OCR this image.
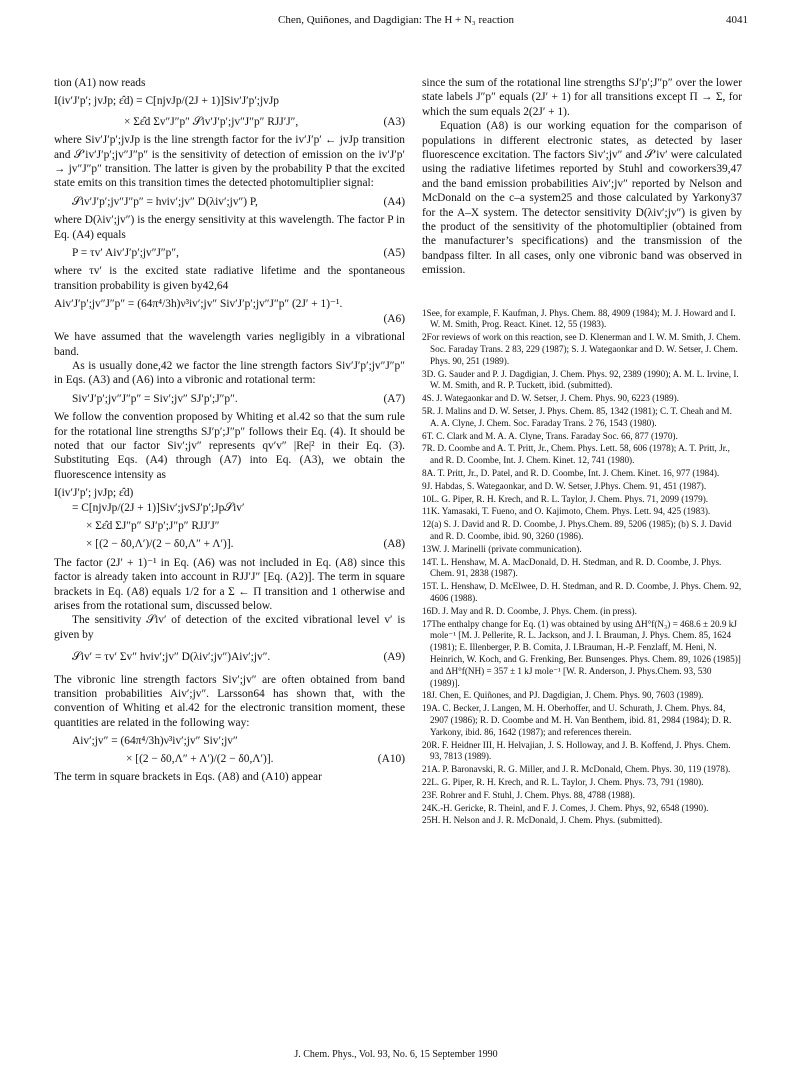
Chen, Quiñones, and Dagdigian: The H + N₃ reaction	4041

tion (A1) now reads

I(iv′J′p′; jvJp; ε̂d) = C[njvJp/(2J + 1)]Siv′J′p′;jvJp
× Σε̂d Σv″J″p″ 𝒮iv′J′p′;jv″J″p″ RJJ′J″,	(A3)

where Siv′J′p′;jvJp is the line strength factor for the iv′J′p′ ← jvJp transition and 𝒮′iv′J′p′;jv″J″p″ is the sensitivity of detection of emission on the iv′J′p′ → jv″J″p″ transition. The latter is given by the probability P that the excited state emits on this transition times the detected photomultiplier signal:

𝒮iv′J′p′;jv″J″p″ = hνiv′;jv″ D(λiv′;jv″) P,	(A4)

where D(λiv′;jv″) is the energy sensitivity at this wavelength. The factor P in Eq. (A4) equals

P = τv′ Aiv′J′p′;jv″J″p″,	(A5)

where τv′ is the excited state radiative lifetime and the spontaneous transition probability is given by42,64

Aiv′J′p′;jv″J″p″ = (64π⁴/3h)ν³iv′;jv″ Siv′J′p′;jv″J″p″ (2J′ + 1)⁻¹.
(A6)

We have assumed that the wavelength varies negligibly in a vibrational band.

As is usually done,42 we factor the line strength factors Siv′J′p′;jv″J″p″ in Eqs. (A3) and (A6) into a vibronic and rotational term:

Siv′J′p′;jv″J″p″ = Siv′;jv″ SJ′p′;J″p″.	(A7)

We follow the convention proposed by Whiting et al.42 so that the sum rule for the rotational line strengths SJ′p′;J″p″ follows their Eq. (4). It should be noted that our factor Siv′;jv″ represents qv′v″ |Re|² in their Eq. (3). Substituting Eqs. (A4) through (A7) into Eq. (A3), we obtain the fluorescence intensity as

I(iv′J′p′; jvJp; ε̂d)
= C[njvJp/(2J + 1)]Siv′;jvSJ′p′;Jp𝒮iv′
× Σε̂d ΣJ″p″ SJ′p′;J″p″ RJJ′J″
× [(2 − δ0,Λ′)/(2 − δ0,Λ″ + Λ′)].	(A8)

The factor (2J′ + 1)⁻¹ in Eq. (A6) was not included in Eq. (A8) since this factor is already taken into account in RJJ′J″ [Eq. (A2)]. The term in square brackets in Eq. (A8) equals 1/2 for a Σ ← Π transition and 1 otherwise and arises from the rotational sum, discussed below.

The sensitivity 𝒮iv′ of detection of the excited vibrational level v′ is given by

𝒮iv′ = τv′ Σv″ hνiv′;jv″ D(λiv′;jv″)Aiv′;jv″.	(A9)

The vibronic line strength factors Siv′;jv″ are often obtained from band transition probabilities Aiv′;jv″. Larsson64 has shown that, with the convention of Whiting et al.42 for the electronic transition moment, these quantities are related in the following way:

Aiv′;jv″ = (64π⁴/3h)ν³iv′;jv″ Siv′;jv″
× [(2 − δ0,Λ″ + Λ′)/(2 − δ0,Λ′)].	(A10)

The term in square brackets in Eqs. (A8) and (A10) appear

since the sum of the rotational line strengths SJ′p′;J″p″ over the lower state labels J″p″ equals (2J′ + 1) for all transitions except Π → Σ, for which the sum equals 2(2J′ + 1).

Equation (A8) is our working equation for the comparison of populations in different electronic states, as detected by laser fluorescence excitation. The factors Siv′;jv″ and 𝒮′iv′ were calculated using the radiative lifetimes reported by Stuhl and coworkers39,47 and the band emission probabilities Aiv′;jv″ reported by Nelson and McDonald on the c–a system25 and those calculated by Yarkony37 for the A–X system. The detector sensitivity D(λiv′;jv″) is given by the product of the sensitivity of the photomultiplier (obtained from the manufacturer’s specifications) and the transmission of the bandpass filter. In all cases, only one vibronic band was observed in emission.

1See, for example, F. Kaufman, J. Phys. Chem. 88, 4909 (1984); M. J. Howard and I. W. M. Smith, Prog. React. Kinet. 12, 55 (1983).

2For reviews of work on this reaction, see D. Klenerman and I. W. M. Smith, J. Chem. Soc. Faraday Trans. 2 83, 229 (1987); S. J. Wategaonkar and D. W. Setser, J. Chem. Phys. 90, 251 (1989).

3D. G. Sauder and P. J. Dagdigian, J. Chem. Phys. 92, 2389 (1990); A. M. L. Irvine, I. W. M. Smith, and R. P. Tuckett, ibid. (submitted).

4S. J. Wategaonkar and D. W. Setser, J. Chem. Phys. 90, 6223 (1989).

5R. J. Malins and D. W. Setser, J. Phys. Chem. 85, 1342 (1981); C. T. Cheah and M. A. A. Clyne, J. Chem. Soc. Faraday Trans. 2 76, 1543 (1980).

6T. C. Clark and M. A. A. Clyne, Trans. Faraday Soc. 66, 877 (1970).

7R. D. Coombe and A. T. Pritt, Jr., Chem. Phys. Lett. 58, 606 (1978); A. T. Pritt, Jr., and R. D. Coombe, Int. J. Chem. Kinet. 12, 741 (1980).

8A. T. Pritt, Jr., D. Patel, and R. D. Coombe, Int. J. Chem. Kinet. 16, 977 (1984).

9J. Habdas, S. Wategaonkar, and D. W. Setser, J.Phys. Chem. 91, 451 (1987).

10L. G. Piper, R. H. Krech, and R. L. Taylor, J. Chem. Phys. 71, 2099 (1979).

11K. Yamasaki, T. Fueno, and O. Kajimoto, Chem. Phys. Lett. 94, 425 (1983).

12(a) S. J. David and R. D. Coombe, J. Phys.Chem. 89, 5206 (1985); (b) S. J. David and R. D. Coombe, ibid. 90, 3260 (1986).

13W. J. Marinelli (private communication).

14T. L. Henshaw, M. A. MacDonald, D. H. Stedman, and R. D. Coombe, J. Phys. Chem. 91, 2838 (1987).

15T. L. Henshaw, D. McElwee, D. H. Stedman, and R. D. Coombe, J. Phys. Chem. 92, 4606 (1988).

16D. J. May and R. D. Coombe, J. Phys. Chem. (in press).

17The enthalpy change for Eq. (1) was obtained by using ΔH°f(N₃) = 468.6 ± 20.9 kJ mole⁻¹ [M. J. Pellerite, R. L. Jackson, and J. I. Brauman, J. Phys. Chem. 85, 1624 (1981); E. Illenberger, P. B. Comita, J. I.Brauman, H.-P. Fenzlaff, M. Heni, N. Heinrich, W. Koch, and G. Frenking, Ber. Bunsenges. Phys. Chem. 89, 1026 (1985)] and ΔH°f(NH) = 357 ± 1 kJ mole⁻¹ [W. R. Anderson, J. Phys.Chem. 93, 530 (1989)].

18J. Chen, E. Quiñones, and PJ. Dagdigian, J. Chem. Phys. 90, 7603 (1989).

19A. C. Becker, J. Langen, M. H. Oberhoffer, and U. Schurath, J. Chem. Phys. 84, 2907 (1986); R. D. Coombe and M. H. Van Benthem, ibid. 81, 2984 (1984); D. R. Yarkony, ibid. 86, 1642 (1987); and references therein.

20R. F. Heidner III, H. Helvajian, J. S. Holloway, and J. B. Koffend, J. Phys. Chem. 93, 7813 (1989).

21A. P. Baronavski, R. G. Miller, and J. R. McDonald, Chem. Phys. 30, 119 (1978).

22L. G. Piper, R. H. Krech, and R. L. Taylor, J. Chem. Phys. 73, 791 (1980).

23F. Rohrer and F. Stuhl, J. Chem. Phys. 88, 4788 (1988).

24K.-H. Gericke, R. Theinl, and F. J. Comes, J. Chem. Phys, 92, 6548 (1990).

25H. H. Nelson and J. R. McDonald, J. Chem. Phys. (submitted).

J. Chem. Phys., Vol. 93, No. 6, 15 September 1990
